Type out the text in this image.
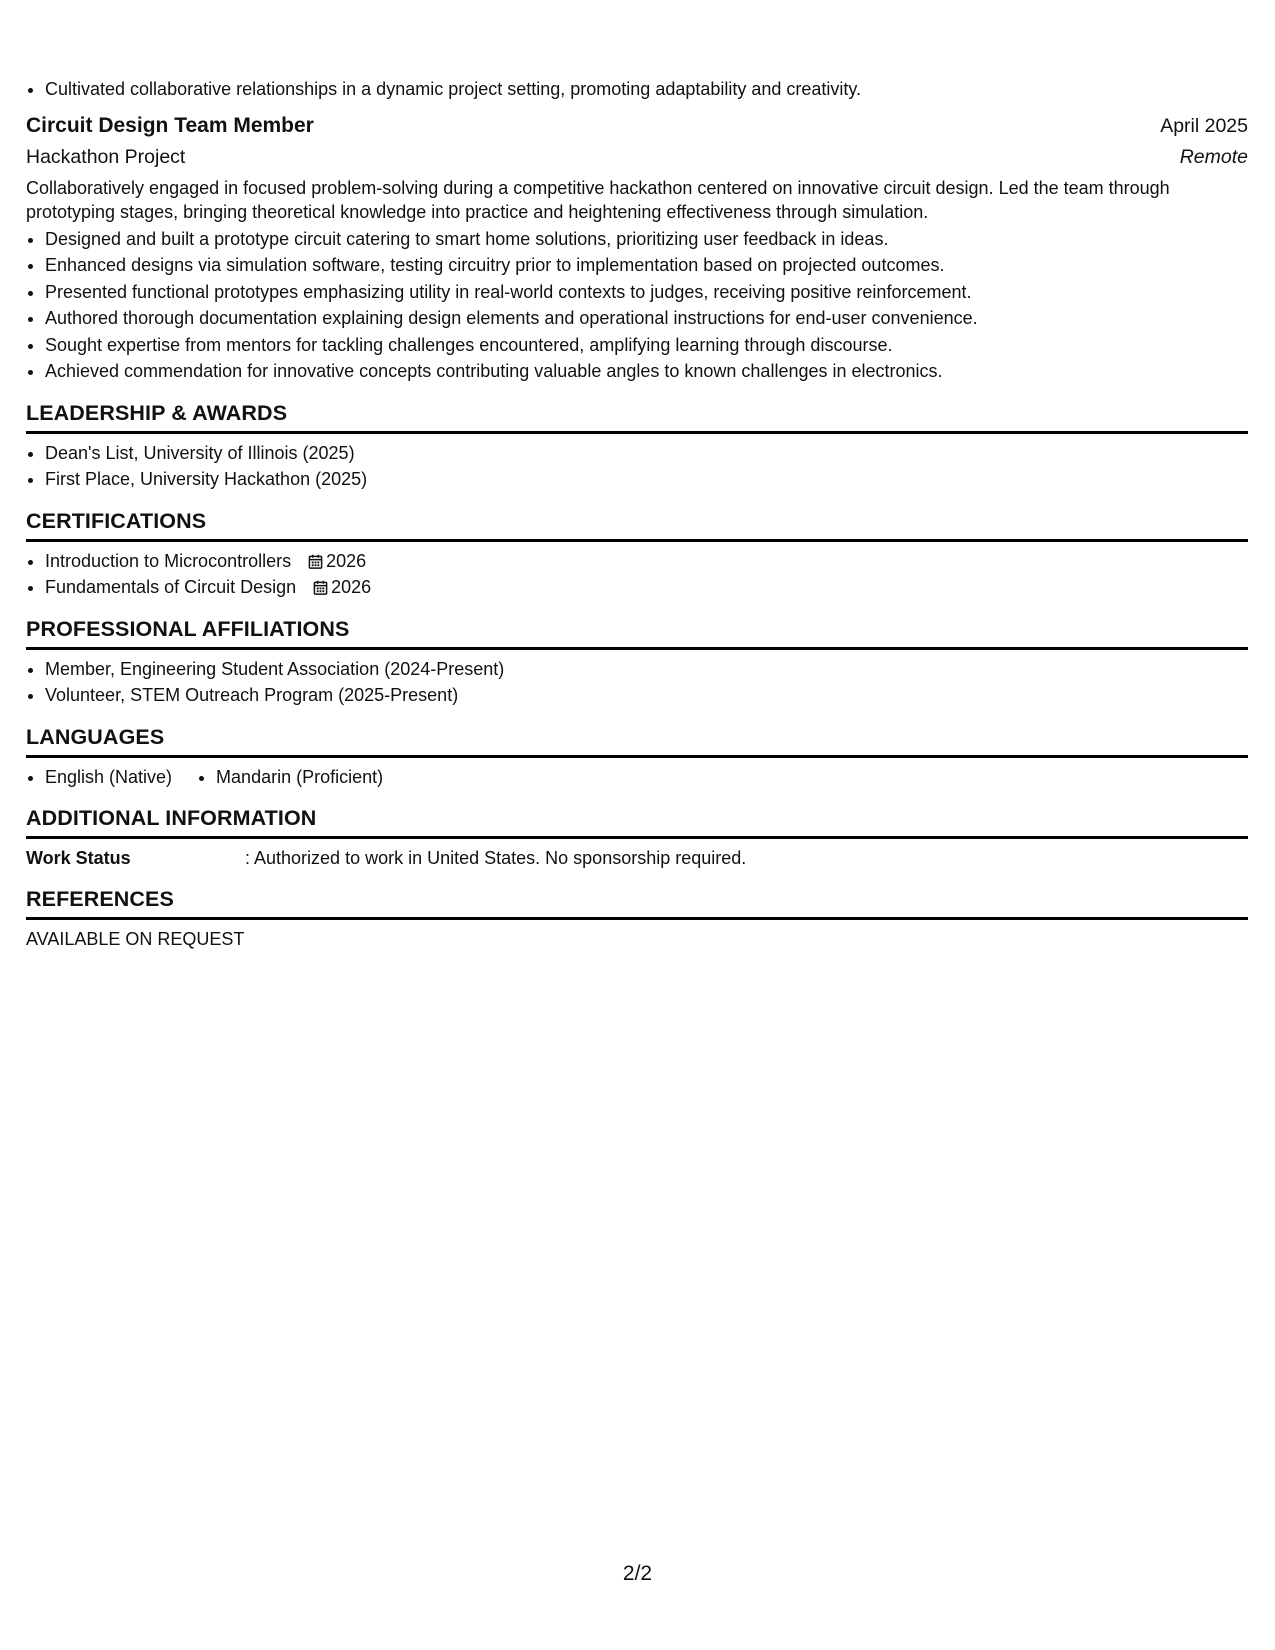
• Cultivated collaborative relationships in a dynamic project setting, promoting adaptability and creativity.
Circuit Design Team Member	April 2025
Hackathon Project	Remote
Collaboratively engaged in focused problem-solving during a competitive hackathon centered on innovative circuit design. Led the team through prototyping stages, bringing theoretical knowledge into practice and heightening effectiveness through simulation.
• Designed and built a prototype circuit catering to smart home solutions, prioritizing user feedback in ideas.
• Enhanced designs via simulation software, testing circuitry prior to implementation based on projected outcomes.
• Presented functional prototypes emphasizing utility in real-world contexts to judges, receiving positive reinforcement.
• Authored thorough documentation explaining design elements and operational instructions for end-user convenience.
• Sought expertise from mentors for tackling challenges encountered, amplifying learning through discourse.
• Achieved commendation for innovative concepts contributing valuable angles to known challenges in electronics.
LEADERSHIP & AWARDS
• Dean's List, University of Illinois (2025)
• First Place, University Hackathon (2025)
CERTIFICATIONS
• Introduction to Microcontrollers 2026
• Fundamentals of Circuit Design 2026
PROFESSIONAL AFFILIATIONS
• Member, Engineering Student Association (2024-Present)
• Volunteer, STEM Outreach Program (2025-Present)
LANGUAGES
• English (Native)
• Mandarin (Proficient)
ADDITIONAL INFORMATION
Work Status	: Authorized to work in United States. No sponsorship required.
REFERENCES
AVAILABLE ON REQUEST
2/2
